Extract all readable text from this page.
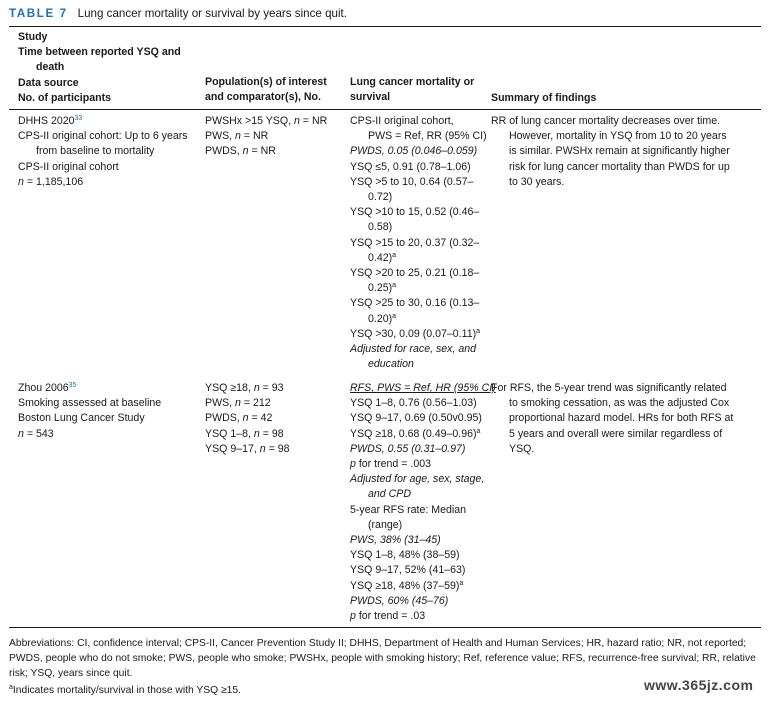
TABLE 7 Lung cancer mortality or survival by years since quit.
Study
Time between reported YSQ and
death
Data source
No. of participants
Population(s) of interest
and comparator(s), No.
Lung cancer mortality or
survival	Summary of findings
DHHS 2020$^{33}$
CPS-II original cohort: Up to 6 years
from baseline to mortality
CPS-II original cohort
n = 1,185,106
PWSHx >15 YSQ, n = NR
PWS, n = NR
PWDS, n = NR
CPS-II original cohort,
PWS = Ref, RR (95% CI)
PWDS, 0.05 (0.046–0.059)
YSQ ≤5, 0.91 (0.78–1.06)
YSQ >5 to 10, 0.64 (0.57–
0.72)
YSQ >10 to 15, 0.52 (0.46–
0.58)
YSQ >15 to 20, 0.37 (0.32–
0.42)$^a$
YSQ >20 to 25, 0.21 (0.18–
0.25)$^a$
YSQ >25 to 30, 0.16 (0.13–
0.20)$^a$
YSQ >30, 0.09 $(0.07-0.11)^a$
Adjusted for race, sex, and
education
RR of lung cancer mortality decreases over time.
However, mortality in YSQ from 10 to 20 years
is similar. PWSHx remain at significantly higher
risk for lung cancer mortality than PWDS for up
to 30 years.
Zhou 2006$^{35}$
Smoking assessed at baseline
Boston Lung Cancer Study
n = 543
YSQ ≥18, n = 93
PWS, n = 212
PWDS, n = 42
YSQ 1–8, n = 98
YSQ 9–17, n = 98
RFS, PWS = Ref, HR (95% CI)
YSQ 1–8, 0.76 (0.56–1.03)
YSQ 9–17, 0.69 (0.50v0.95)
YSQ ≥18, 0.68 $(0.49-0.96)^a$
PWDS, 0.55 (0.31–0.97)
p for trend = .003
Adjusted for age, sex, stage,
and CPD
5-year RFS rate: Median
(range)
PWS, 38% (31–45)
YSQ 1–8, 48% (38–59)
YSQ 9–17, 52% (41–63)
YSQ ≥18, 48% $(37-59)^a$
PWDS, 60% (45–76)
p for trend = .03
For RFS, the 5-year trend was significantly related
to smoking cessation, as was the adjusted Cox
proportional hazard model. HRs for both RFS at
5 years and overall were similar regardless of
YSQ.
Abbreviations: CI, confidence interval; CPS-II, Cancer Prevention Study II; DHHS, Department of Health and Human Services; HR, hazard ratio; NR, not reported; PWDS, people who do not smoke; PWS, people who smoke; PWSHx, people with smoking history; Ref, reference value; RFS, recurrence-free survival; RR, relative risk; YSQ, years since quit.
$^a$Indicates mortality/survival in those with YSQ ≥15.	www.365jz.com
